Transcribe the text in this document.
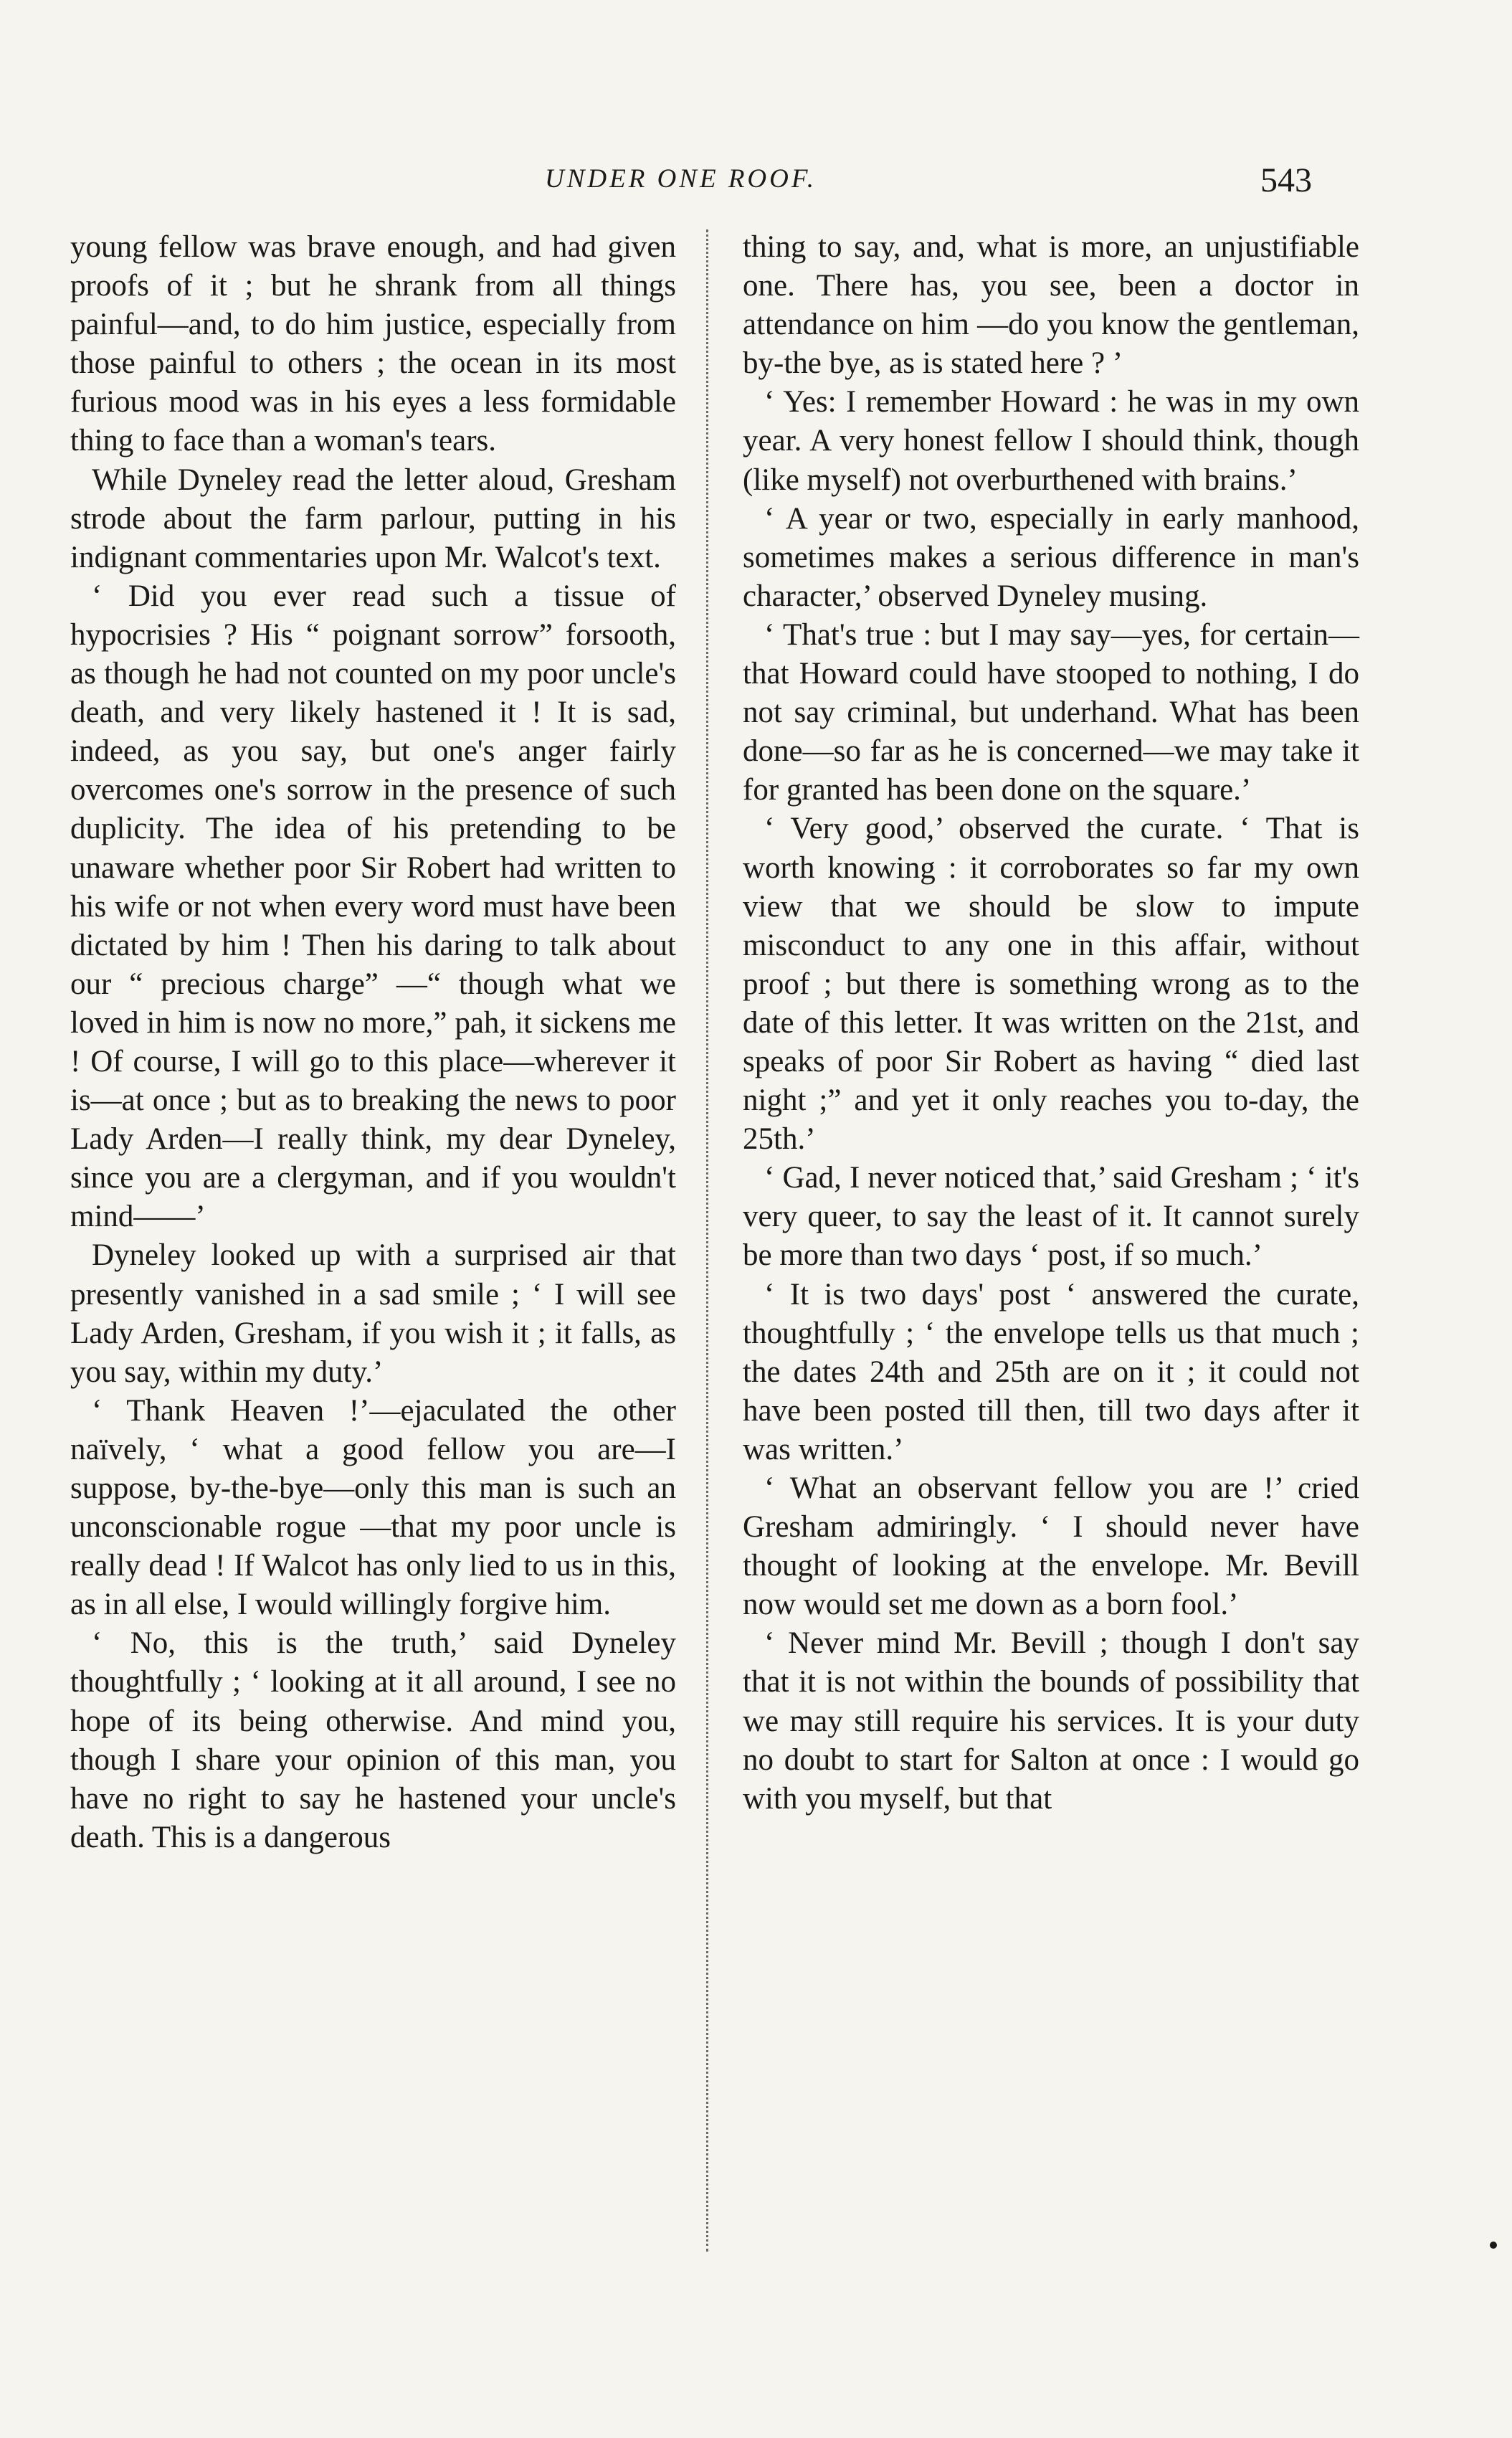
UNDER ONE ROOF.	543

young fellow was brave enough, and had given proofs of it ; but he shrank from all things painful—and, to do him justice, especially from those painful to others ; the ocean in its most furious mood was in his eyes a less formidable thing to face than a woman's tears.

While Dyneley read the letter aloud, Gresham strode about the farm parlour, putting in his indignant commentaries upon Mr. Walcot's text.

‘ Did you ever read such a tissue of hypocrisies ? His “ poignant sorrow” forsooth, as though he had not counted on my poor uncle's death, and very likely hastened it ! It is sad, indeed, as you say, but one's anger fairly overcomes one's sorrow in the presence of such duplicity. The idea of his pretending to be unaware whether poor Sir Robert had written to his wife or not when every word must have been dictated by him ! Then his daring to talk about our “ precious charge” —“ though what we loved in him is now no more,” pah, it sickens me ! Of course, I will go to this place—wherever it is—at once ; but as to breaking the news to poor Lady Arden—I really think, my dear Dyneley, since you are a clergyman, and if you wouldn't mind——’

Dyneley looked up with a surprised air that presently vanished in a sad smile ; ‘ I will see Lady Arden, Gresham, if you wish it ; it falls, as you say, within my duty.’

‘ Thank Heaven !’—ejaculated the other naïvely, ‘ what a good fellow you are—I suppose, by-the-bye—only this man is such an unconscionable rogue —that my poor uncle is really dead ! If Walcot has only lied to us in this, as in all else, I would willingly forgive him.

‘ No, this is the truth,’ said Dyneley thoughtfully ; ‘ looking at it all around, I see no hope of its being otherwise. And mind you, though I share your opinion of this man, you have no right to say he hastened your uncle's death. This is a dangerous

thing to say, and, what is more, an unjustifiable one. There has, you see, been a doctor in attendance on him —do you know the gentleman, by-the bye, as is stated here ? ’

‘ Yes: I remember Howard : he was in my own year. A very honest fellow I should think, though (like myself) not overburthened with brains.’

‘ A year or two, especially in early manhood, sometimes makes a serious difference in man's character,’ observed Dyneley musing.

‘ That's true : but I may say—yes, for certain—that Howard could have stooped to nothing, I do not say criminal, but underhand. What has been done—so far as he is concerned—we may take it for granted has been done on the square.’

‘ Very good,’ observed the curate. ‘ That is worth knowing : it corroborates so far my own view that we should be slow to impute misconduct to any one in this affair, without proof ; but there is something wrong as to the date of this letter. It was written on the 21st, and speaks of poor Sir Robert as having “ died last night ;” and yet it only reaches you to-day, the 25th.’

‘ Gad, I never noticed that,’ said Gresham ; ‘ it's very queer, to say the least of it. It cannot surely be more than two days ‘ post, if so much.’

‘ It is two days' post ‘ answered the curate, thoughtfully ; ‘ the envelope tells us that much ; the dates 24th and 25th are on it ; it could not have been posted till then, till two days after it was written.’

‘ What an observant fellow you are !’ cried Gresham admiringly. ‘ I should never have thought of looking at the envelope. Mr. Bevill now would set me down as a born fool.’

‘ Never mind Mr. Bevill ; though I don't say that it is not within the bounds of possibility that we may still require his services. It is your duty no doubt to start for Salton at once : I would go with you myself, but that
